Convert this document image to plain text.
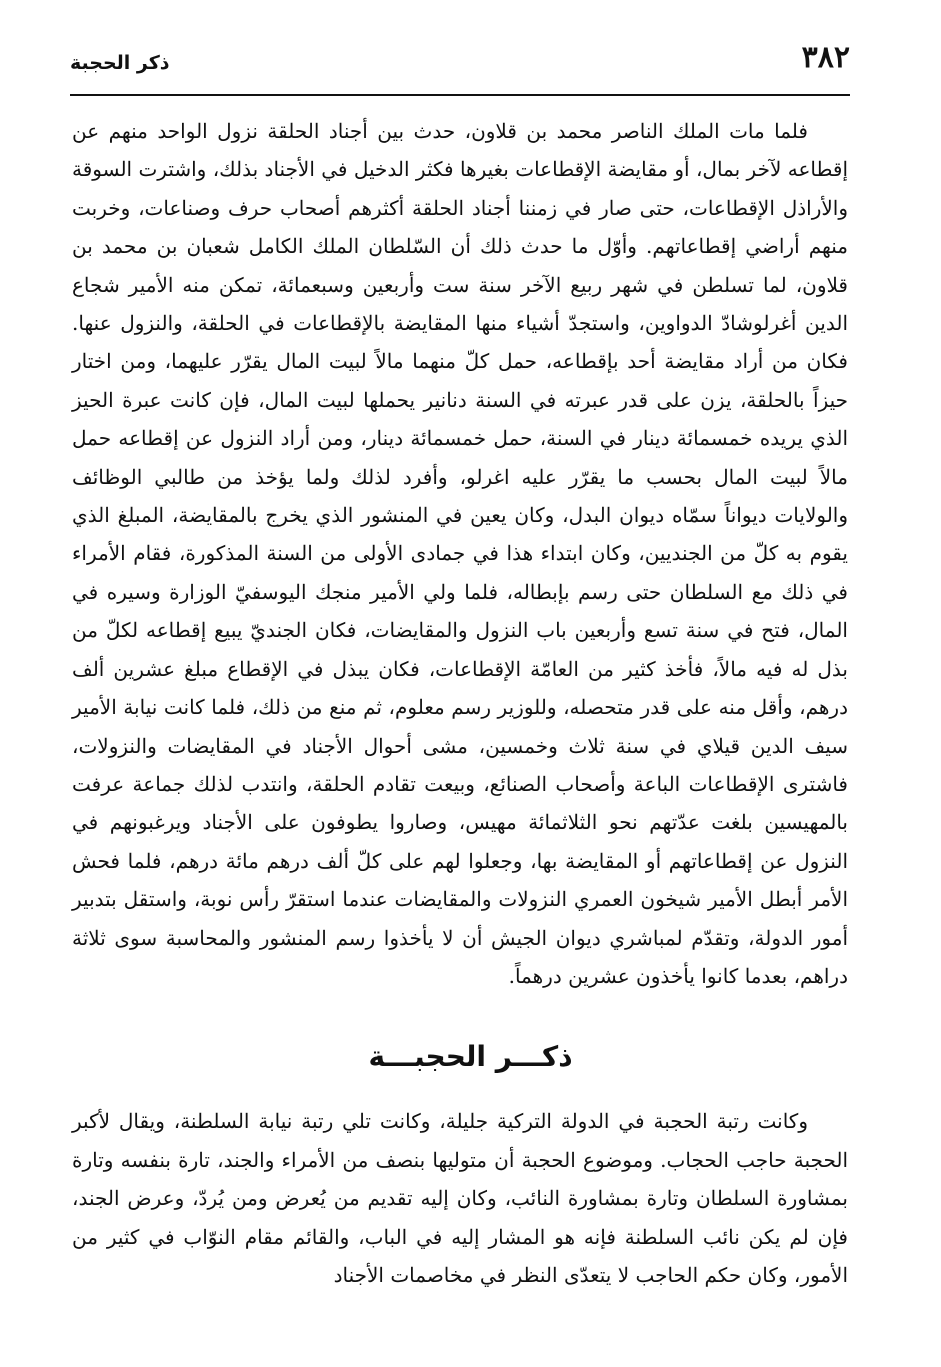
٣٨٢
ذكر الحجبة

فلما مات الملك الناصر محمد بن قلاون، حدث بين أجناد الحلقة نزول الواحد منهم عن إقطاعه لآخر بمال، أو مقايضة الإقطاعات بغيرها فكثر الدخيل في الأجناد بذلك، واشترت السوقة والأراذل الإقطاعات، حتى صار في زمننا أجناد الحلقة أكثرهم أصحاب حرف وصناعات، وخربت منهم أراضي إقطاعاتهم. وأوّل ما حدث ذلك أن السّلطان الملك الكامل شعبان بن محمد بن قلاون، لما تسلطن في شهر ربيع الآخر سنة ست وأربعين وسبعمائة، تمكن منه الأمير شجاع الدين أغرلوشادّ الدواوين، واستجدّ أشياء منها المقايضة بالإقطاعات في الحلقة، والنزول عنها. فكان من أراد مقايضة أحد بإقطاعه، حمل كلّ منهما مالاً لبيت المال يقرّر عليهما، ومن اختار حيزاً بالحلقة، يزن على قدر عبرته في السنة دنانير يحملها لبيت المال، فإن كانت عبرة الحيز الذي يريده خمسمائة دينار في السنة، حمل خمسمائة دينار، ومن أراد النزول عن إقطاعه حمل مالاً لبيت المال بحسب ما يقرّر عليه اغرلو، وأفرد لذلك ولما يؤخذ من طالبي الوظائف والولايات ديواناً سمّاه ديوان البدل، وكان يعين في المنشور الذي يخرج بالمقايضة، المبلغ الذي يقوم به كلّ من الجنديين، وكان ابتداء هذا في جمادى الأولى من السنة المذكورة، فقام الأمراء في ذلك مع السلطان حتى رسم بإبطاله، فلما ولي الأمير منجك اليوسفيّ الوزارة وسيره في المال، فتح في سنة تسع وأربعين باب النزول والمقايضات، فكان الجنديّ يبيع إقطاعه لكلّ من بذل له فيه مالاً، فأخذ كثير من العامّة الإقطاعات، فكان يبذل في الإقطاع مبلغ عشرين ألف درهم، وأقل منه على قدر متحصله، وللوزير رسم معلوم، ثم منع من ذلك، فلما كانت نيابة الأمير سيف الدين قيلاي في سنة ثلاث وخمسين، مشى أحوال الأجناد في المقايضات والنزولات، فاشترى الإقطاعات الباعة وأصحاب الصنائع، وبيعت تقادم الحلقة، وانتدب لذلك جماعة عرفت بالمهيسين بلغت عدّتهم نحو الثلاثمائة مهيس، وصاروا يطوفون على الأجناد ويرغبونهم في النزول عن إقطاعاتهم أو المقايضة بها، وجعلوا لهم على كلّ ألف درهم مائة درهم، فلما فحش الأمر أبطل الأمير شيخون العمري النزولات والمقايضات عندما استقرّ رأس نوبة، واستقل بتدبير أمور الدولة، وتقدّم لمباشري ديوان الجيش أن لا يأخذوا رسم المنشور والمحاسبة سوى ثلاثة دراهم، بعدما كانوا يأخذون عشرين درهماً.

ذكـــر الحجبـــة

وكانت رتبة الحجبة في الدولة التركية جليلة، وكانت تلي رتبة نيابة السلطنة، ويقال لأكبر الحجبة حاجب الحجاب. وموضوع الحجبة أن متوليها بنصف من الأمراء والجند، تارة بنفسه وتارة بمشاورة السلطان وتارة بمشاورة النائب، وكان إليه تقديم من يُعرض ومن يُردّ، وعرض الجند، فإن لم يكن نائب السلطنة فإنه هو المشار إليه في الباب، والقائم مقام النوّاب في كثير من الأمور، وكان حكم الحاجب لا يتعدّى النظر في مخاصمات الأجناد
